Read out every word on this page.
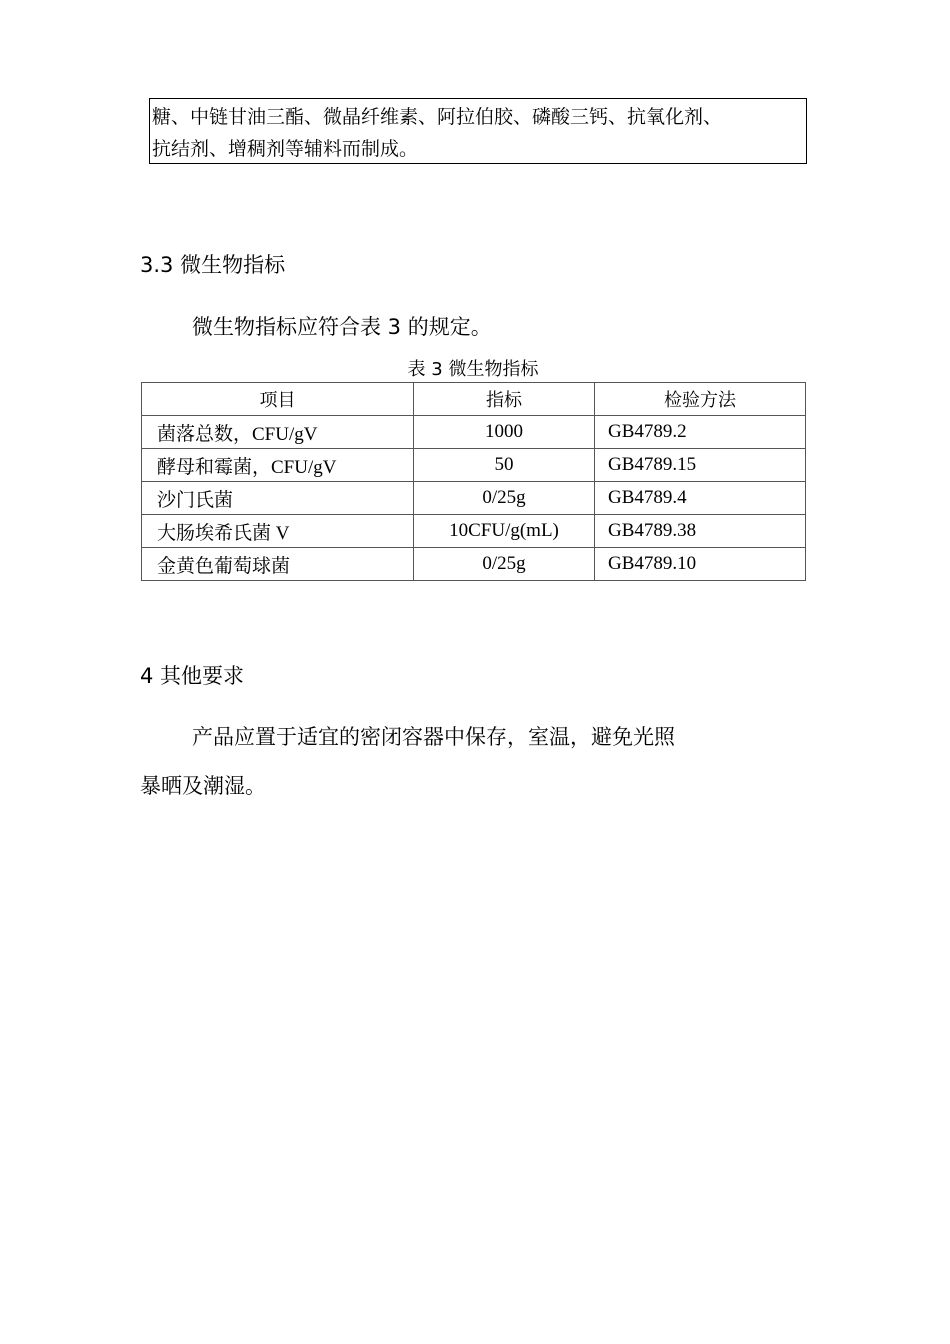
糖、中链甘油三酯、微晶纤维素、阿拉伯胶、磷酸三钙、抗氧化剂、

抗结剂、增稠剂等辅料而制成。

3.3 微生物指标
微生物指标应符合表 3 的规定。
表 3 微生物指标
项目	指标	检验方法
菌落总数，CFU/gV	1000	GB4789.2
酵母和霉菌，CFU/gV	50	GB4789.15
沙门氏菌	0/25g	GB4789.4
大肠埃希氏菌 V	10CFU/g(mL)	GB4789.38
金黄色葡萄球菌	0/25g	GB4789.10
4 其他要求
产品应置于适宜的密闭容器中保存，室温，避免光照
暴晒及潮湿。
